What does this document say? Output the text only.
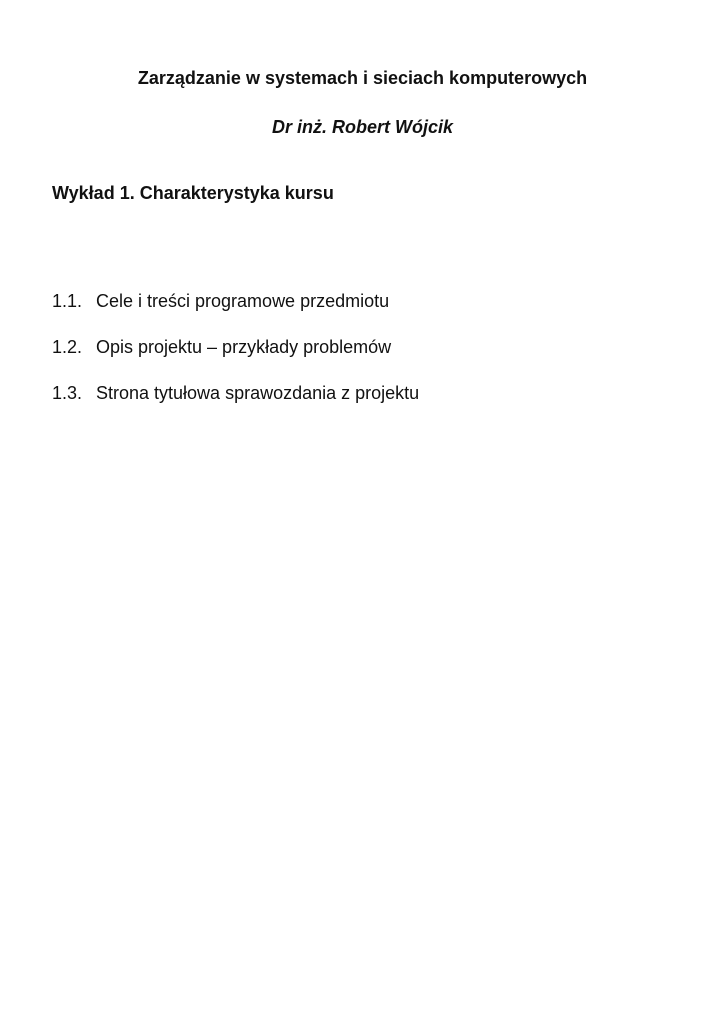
Zarządzanie w systemach i sieciach komputerowych

Dr inż. Robert Wójcik

Wykład 1. Charakterystyka kursu
1.1. Cele i treści programowe przedmiotu
1.2. Opis projektu – przykłady problemów
1.3. Strona tytułowa sprawozdania z projektu
